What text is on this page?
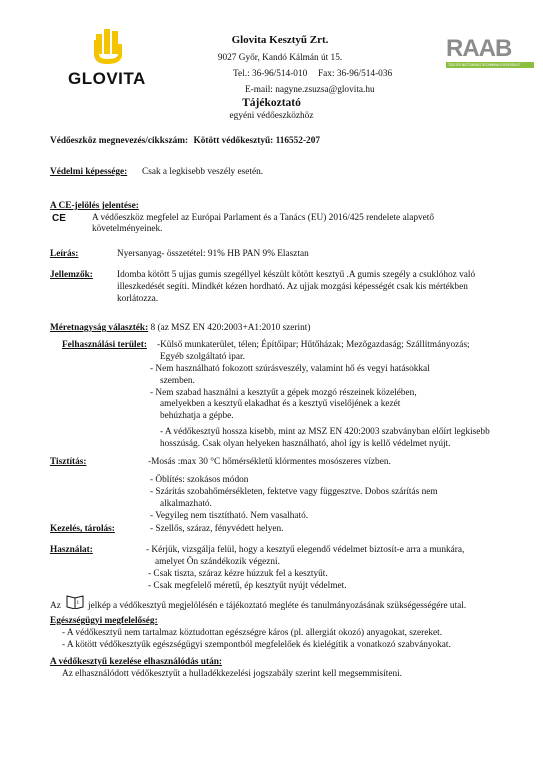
GLOVITA
Glovita Kesztyű Zrt.
9027 Győr, Kandó Kálmán út 15.
Tel.: 36-96/514-010 Fax: 36-96/514-036
E-mail: nagyne.zsuzsa@glovita.hu
RAAB
TISZ ÉS BIZTONSÁGTECHNIKAI EGYESÜLET
Tájékoztató
egyéni védőeszközhöz
Védőeszköz megnevezés/cikkszám: Kötött védőkesztyű: 116552-207
Védelmi képessége: Csak a legkisebb veszély esetén.
A CE-jelölés jelentése:
CE	A védőeszköz megfelel az Európai Parlament és a Tanács (EU) 2016/425 rendelete alapvető
követelményeinek.
Leírás:	Nyersanyag- összetétel: 91% HB PAN 9% Elasztan
Jellemzők:	Idomba kötött 5 ujjas gumis szegéllyel készült kötött kesztyű .A gumis szegély a csuklóhoz való
illeszkedését segíti. Mindkét kézen hordható. Az ujjak mozgási képességét csak kis mértékben
korlátozza.
Méretnagyság választék: 8 (az MSZ EN 420:2003+A1:2010 szerint)
Felhasználási terület: -Külső munkaterület, télen; Építőipar; Hűtőházak; Mezőgazdaság; Szállítmányozás;
Egyéb szolgáltató ipar.
- Nem használható fokozott szúrásveszély, valamint hő és vegyi hatásokkal
szemben.
- Nem szabad használni a kesztyűt a gépek mozgó részeinek közelében,
amelyekben a kesztyű elakadhat és a kesztyű viselőjének a kezét
behúzhatja a gépbe.
- A védőkesztyű hossza kisebb, mint az MSZ EN 420:2003 szabványban előírt legkisebb
hosszúság. Csak olyan helyeken használható, ahol így is kellő védelmet nyújt.
Tisztítás:	-Mosás :max 30 °C hőmérsékletű klórmentes mosószeres vízben.
- Öblítés: szokásos módon
- Szárítás szobahőmérsékleten, fektetve vagy függesztve. Dobos szárítás nem
alkalmazható.
- Vegyileg nem tisztítható. Nem vasalható.
Kezelés, tárolás:	- Szellős, száraz, fényvédett helyen.
Használat:	- Kérjük, vizsgálja felül, hogy a kesztyű elegendő védelmet biztosít-e arra a munkára,
amelyet Ön szándékozik végezni.
- Csak tiszta, száraz kézre húzzuk fel a kesztyűt.
- Csak megfelelő méretű, ép kesztyűt nyújt védelmet.
Az	i jelkép a védőkesztyű megjelölésén e tájékoztató megléte és tanulmányozásának szükségességére utal.
Egészségügyi megfelelőség:
- A védőkesztyű nem tartalmaz köztudottan egészségre káros (pl. allergiát okozó) anyagokat, szereket.
- A kötött védőkesztyűk egészségügyi szempontból megfelelőek és kielégítik a vonatkozó szabványokat.
A védőkesztyű kezelése elhasználódás után:
Az elhasználódott védőkesztyűt a hulladékkezelési jogszabály szerint kell megsemmisíteni.
